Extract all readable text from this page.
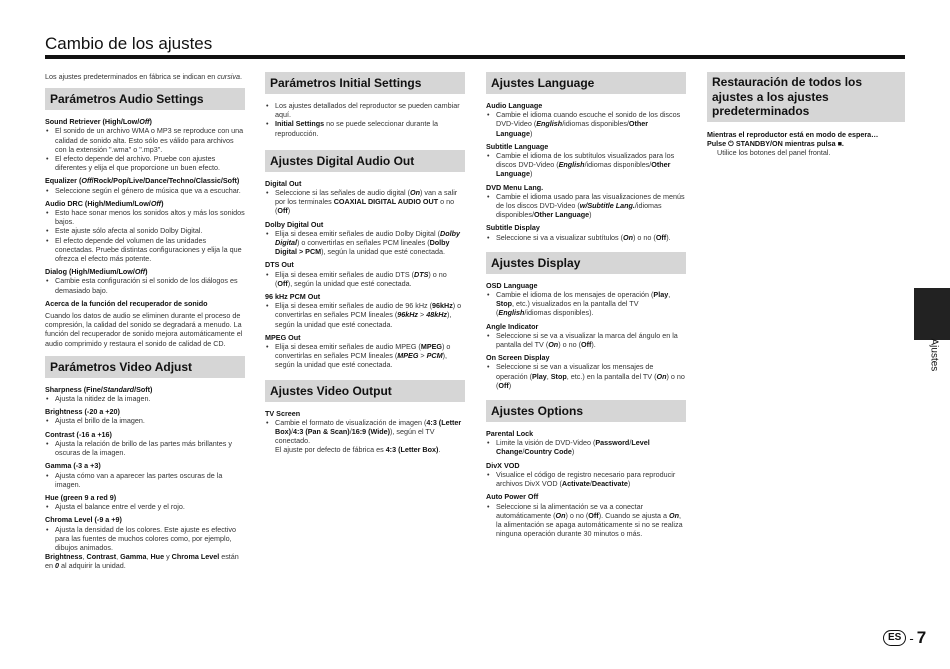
Cambio de los ajustes

Los ajustes predeterminados en fábrica se indican en cursiva.

Parámetros Audio Settings
Sound Retriever (High/Low/Off)
• El sonido de un archivo WMA o MP3 se reproduce con una calidad de sonido alta. Esto sólo es válido para archivos con la extensión ".wma" o ".mp3".
• El efecto depende del archivo. Pruebe con ajustes diferentes y elija el que proporcione un buen efecto.
Equalizer (Off/Rock/Pop/Live/Dance/Techno/Classic/Soft)
• Seleccione según el género de música que va a escuchar.
Audio DRC (High/Medium/Low/Off)
• Esto hace sonar menos los sonidos altos y más los sonidos bajos.
• Este ajuste sólo afecta al sonido Dolby Digital.
• El efecto depende del volumen de las unidades conectadas. Pruebe distintas configuraciones y elija la que ofrezca el efecto más potente.
Dialog (High/Medium/Low/Off)
• Cambie esta configuración si el sonido de los diálogos es demasiado bajo.
Acerca de la función del recuperador de sonido

Cuando los datos de audio se eliminen durante el proceso de compresión, la calidad del sonido se degradará a menudo. La función del recuperador de sonido mejora automáticamente el audio comprimido y restaura el sonido de calidad de CD.

Parámetros Video Adjust
Sharpness (Fine/Standard/Soft)
• Ajusta la nitidez de la imagen.
Brightness (-20 a +20)
• Ajusta el brillo de la imagen.
Contrast (-16 a +16)
• Ajusta la relación de brillo de las partes más brillantes y oscuras de la imagen.
Gamma (-3 a +3)
• Ajusta cómo van a aparecer las partes oscuras de la imagen.
Hue (green 9 a red 9)
• Ajusta el balance entre el verde y el rojo.
Chroma Level (-9 a +9)
• Ajusta la densidad de los colores. Este ajuste es efectivo para las fuentes de muchos colores como, por ejemplo, dibujos animados.

Brightness, Contrast, Gamma, Hue y Chroma Level están en 0 al adquirir la unidad.

Parámetros Initial Settings
• Los ajustes detallados del reproductor se pueden cambiar aquí.
• Initial Settings no se puede seleccionar durante la reproducción.
Ajustes Digital Audio Out
Digital Out
• Seleccione si las señales de audio digital (On) van a salir por los terminales COAXIAL DIGITAL AUDIO OUT o no (Off)
Dolby Digital Out
• Elija si desea emitir señales de audio Dolby Digital (Dolby Digital) o convertirlas en señales PCM lineales (Dolby Digital > PCM), según la unidad que esté conectada.
DTS Out
• Elija si desea emitir señales de audio DTS (DTS) o no (Off), según la unidad que esté conectada.
96 kHz PCM Out
• Elija si desea emitir señales de audio de 96 kHz (96kHz) o convertirlas en señales PCM lineales (96kHz > 48kHz), según la unidad que esté conectada.
MPEG Out
• Elija si desea emitir señales de audio MPEG (MPEG) o convertirlas en señales PCM lineales (MPEG > PCM), según la unidad que esté conectada.
Ajustes Video Output
TV Screen
• Cambie el formato de visualización de imagen (4:3 (Letter Box)/4:3 (Pan & Scan)/16:9 (Wide)), según el TV conectado.

El ajuste por defecto de fábrica es 4:3 (Letter Box).

Ajustes Language
Audio Language
• Cambie el idioma cuando escuche el sonido de los discos DVD-Video (English/idiomas disponibles/Other Language)
Subtitle Language
• Cambie el idioma de los subtítulos visualizados para los discos DVD-Video (English/idiomas disponibles/Other Language)
DVD Menu Lang.
• Cambie el idioma usado para las visualizaciones de menús de los discos DVD-Video (w/Subtitle Lang./idiomas disponibles/Other Language)
Subtitle Display
• Seleccione si va a visualizar subtítulos (On) o no (Off).
Ajustes Display
OSD Language
• Cambie el idioma de los mensajes de operación (Play, Stop, etc.) visualizados en la pantalla del TV (English/idiomas disponibles).
Angle Indicator
• Seleccione si se va a visualizar la marca del ángulo en la pantalla del TV (On) o no (Off).
On Screen Display
• Seleccione si se van a visualizar los mensajes de operación (Play, Stop, etc.) en la pantalla del TV (On) o no (Off)
Ajustes Options
Parental Lock
• Limite la visión de DVD-Video (Password/Level Change/Country Code)
DivX VOD
• Visualice el código de registro necesario para reproducir archivos DivX VOD (Activate/Deactivate)
Auto Power Off
• Seleccione si la alimentación se va a conectar automáticamente (On) o no (Off). Cuando se ajusta a On, la alimentación se apaga automáticamente si no se realiza ninguna operación durante 30 minutos o más.
Restauración de todos los ajustes a los ajustes predeterminados

Mientras el reproductor está en modo de espera…

Pulse ⏻ STANDBY/ON mientras pulsa ■.

Utilice los botones del panel frontal.

Ajustes
ES - 7
